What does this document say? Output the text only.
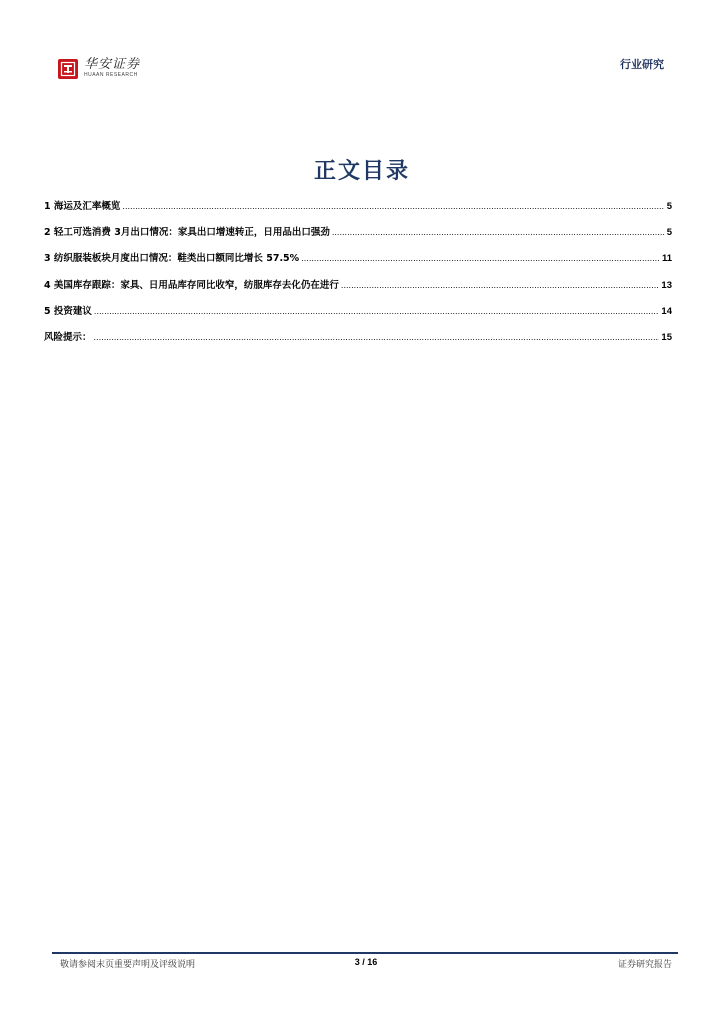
华安证券
HUAAN RESEARCH
行业研究
正文目录
1 海运及汇率概览 .....	5
2 轻工可选消费 3月出口情况：家具出口增速转正，日用品出口强劲 .....	5
3 纺织服装板块月度出口情况：鞋类出口额同比增长 57.5% .....	11
4 美国库存跟踪：家具、日用品库存同比收窄，纺服库存去化仍在进行 .....	13
5 投资建议 .....	14
风险提示： .....	15
敬请参阅末页重要声明及评级说明	3 / 16	证券研究报告
